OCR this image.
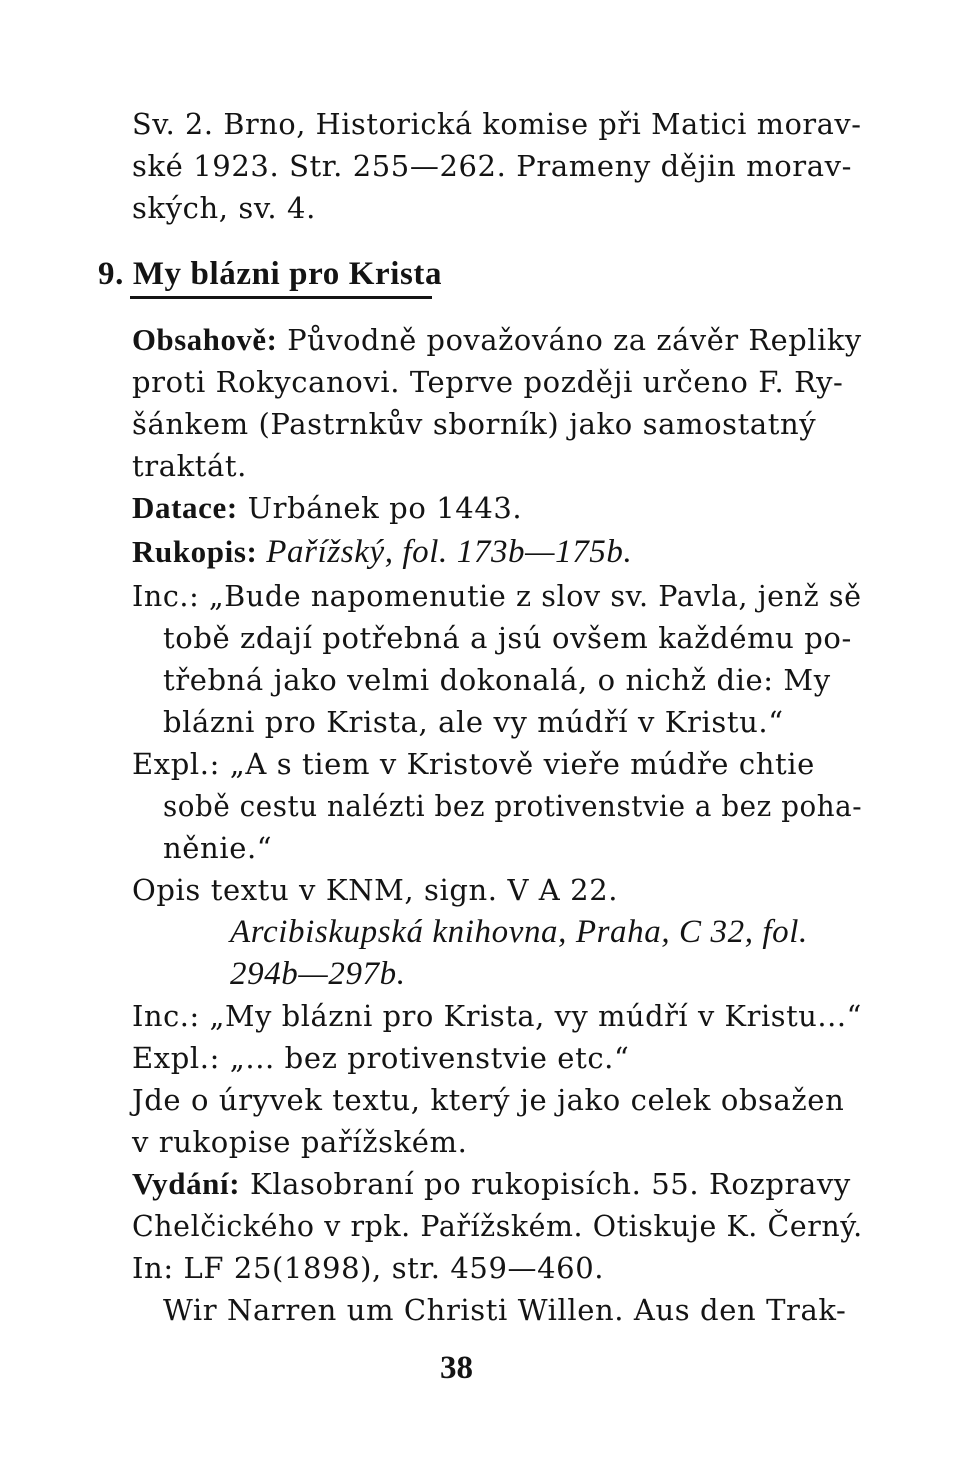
Sv. 2. Brno, Historická komise při Matici morav-
ské 1923. Str. 255—262. Prameny dějin morav-
ských, sv. 4.
9. My blázni pro Krista
Obsahově: Původně považováno za závěr Repliky
proti Rokycanovi. Teprve později určeno F. Ry-
šánkem (Pastrnkův sborník) jako samostatný
traktát.
Datace: Urbánek po 1443.
Rukopis: Pařížský, fol. 173b—175b.
Inc.: „Bude napomenutie z slov sv. Pavla, jenž sě
tobě zdají potřebná a jsú ovšem každému po-
třebná jako velmi dokonalá, o nichž die: My
blázni pro Krista, ale vy múdří v Kristu.“
Expl.: „A s tiem v Kristově vieře múdře chtie
sobě cestu nalézti bez protivenstvie a bez poha-
něnie.“
Opis textu v KNM, sign. V A 22.
Arcibiskupská knihovna, Praha, C 32, fol.
294b—297b.
Inc.: „My blázni pro Krista, vy múdří v Kristu...“
Expl.: „... bez protivenstvie etc.“
Jde o úryvek textu, který je jako celek obsažen
v rukopise pařížském.
Vydání: Klasobraní po rukopisích. 55. Rozpravy
Chelčického v rpk. Pařížském. Otiskuje K. Černý.
In: LF 25(1898), str. 459—460.
Wir Narren um Christi Willen. Aus den Trak-
38
